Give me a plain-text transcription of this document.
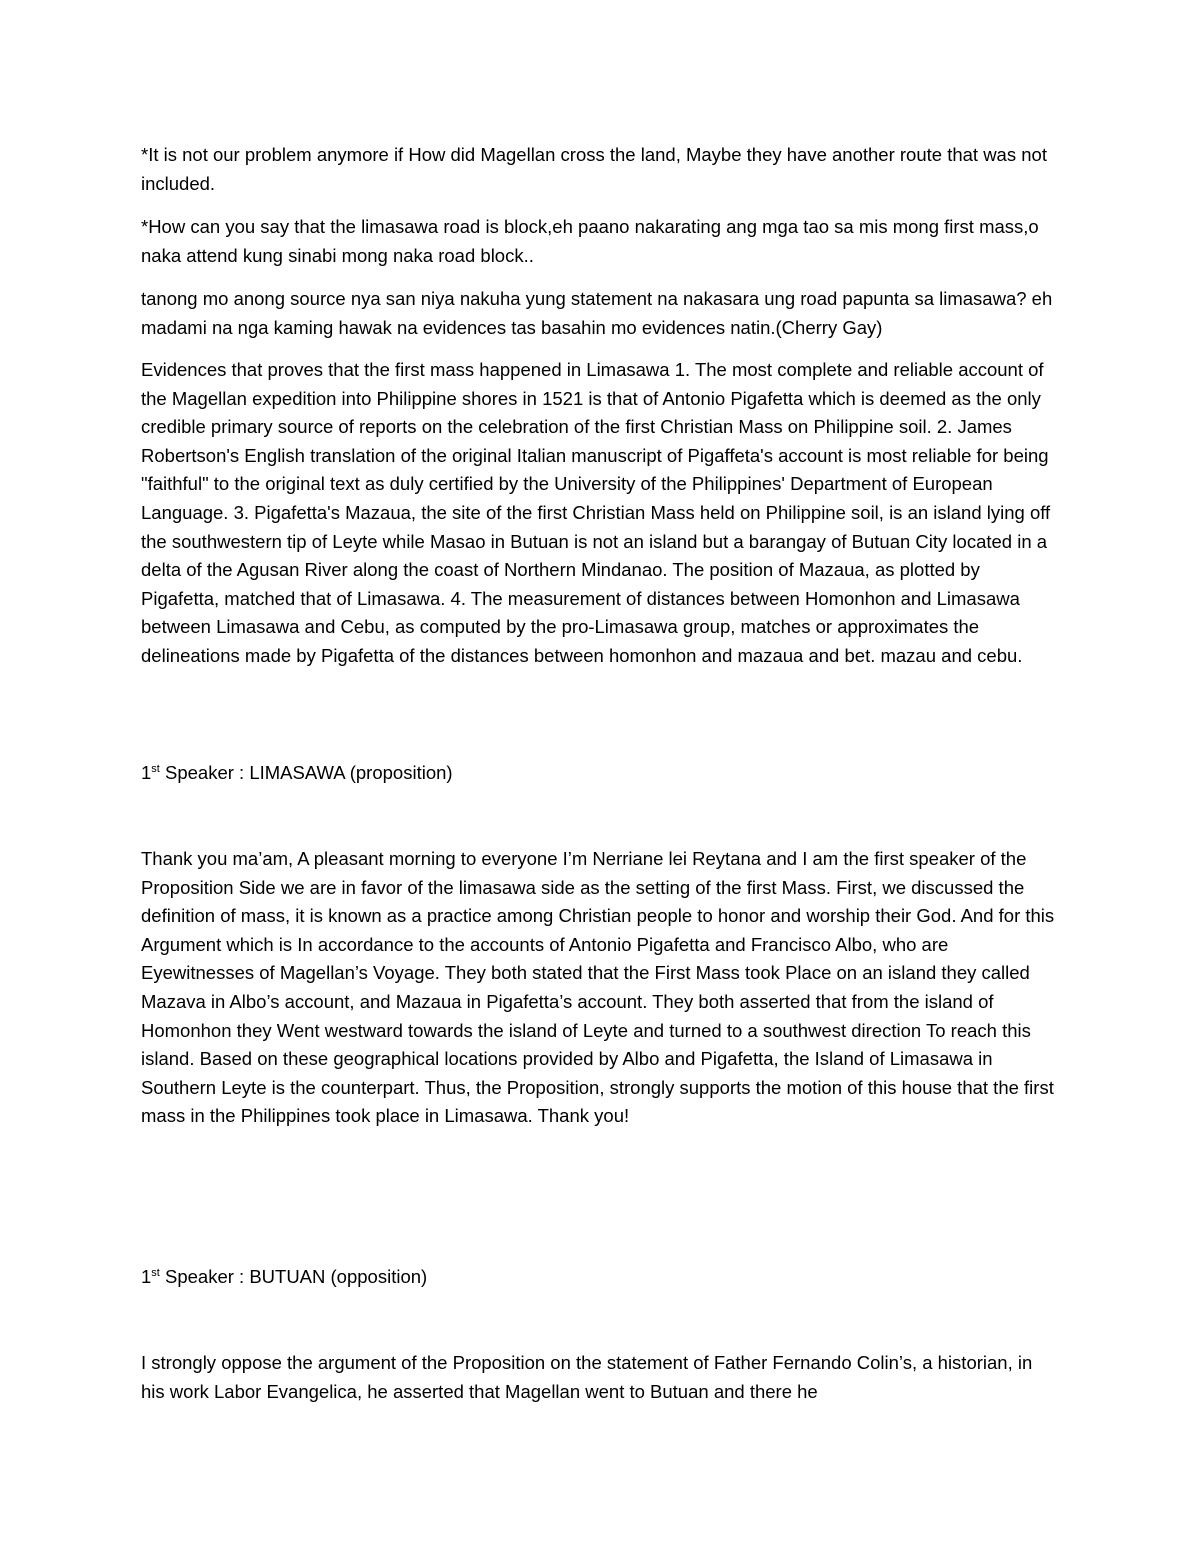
*It is not our problem anymore if How did Magellan cross the land, Maybe they have another route that was not included.

*How can you say that the limasawa road is block,eh paano nakarating ang mga tao sa mis mong first mass,o naka attend kung sinabi mong naka road block..

tanong mo anong source nya san niya nakuha yung statement na nakasara ung road papunta sa limasawa? eh madami na nga kaming hawak na evidences tas basahin mo evidences natin.(Cherry Gay)

Evidences that proves that the first mass happened in Limasawa 1. The most complete and reliable account of the Magellan expedition into Philippine shores in 1521 is that of Antonio Pigafetta which is deemed as the only credible primary source of reports on the celebration of the first Christian Mass on Philippine soil. 2. James Robertson's English translation of the original Italian manuscript of Pigaffeta's account is most reliable for being "faithful" to the original text as duly certified by the University of the Philippines' Department of European Language. 3. Pigafetta's Mazaua, the site of the first Christian Mass held on Philippine soil, is an island lying off the southwestern tip of Leyte while Masao in Butuan is not an island but a barangay of Butuan City located in a delta of the Agusan River along the coast of Northern Mindanao. The position of Mazaua, as plotted by Pigafetta, matched that of Limasawa. 4. The measurement of distances between Homonhon and Limasawa between Limasawa and Cebu, as computed by the pro-Limasawa group, matches or approximates the delineations made by Pigafetta of the distances between homonhon and mazaua and bet. mazau and cebu.

1st Speaker : LIMASAWA (proposition)

Thank you ma’am, A pleasant morning to everyone I’m Nerriane lei Reytana and I am the first speaker of the Proposition Side we are in favor of the limasawa side as the setting of the first Mass. First, we discussed the definition of mass, it is known as a practice among Christian people to honor and worship their God. And for this Argument which is In accordance to the accounts of Antonio Pigafetta and Francisco Albo, who are Eyewitnesses of Magellan’s Voyage. They both stated that the First Mass took Place on an island they called Mazava in Albo’s account, and Mazaua in Pigafetta’s account. They both asserted that from the island of Homonhon they Went westward towards the island of Leyte and turned to a southwest direction To reach this island. Based on these geographical locations provided by Albo and Pigafetta, the Island of Limasawa in Southern Leyte is the counterpart. Thus, the Proposition, strongly supports the motion of this house that the first mass in the Philippines took place in Limasawa. Thank you!

1st Speaker : BUTUAN (opposition)

I strongly oppose the argument of the Proposition on the statement of Father Fernando Colin’s, a historian, in his work Labor Evangelica, he asserted that Magellan went to Butuan and there he
